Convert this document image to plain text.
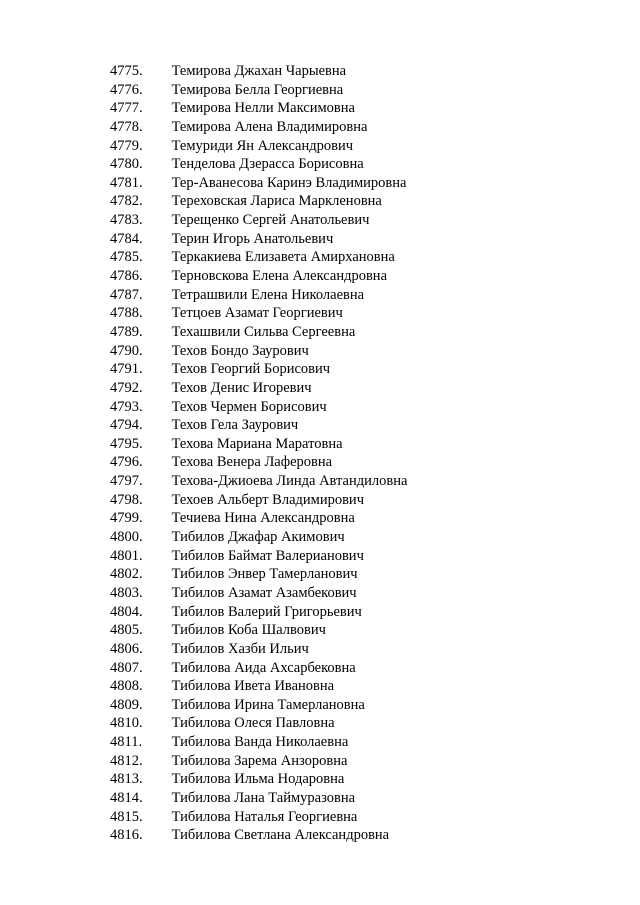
4775. Темирова Джахан Чарыевна
4776. Темирова Белла Георгиевна
4777. Темирова Нелли Максимовна
4778. Темирова Алена Владимировна
4779. Темуриди Ян Александрович
4780. Тенделова Дзерасса Борисовна
4781. Тер-Аванесова Каринэ Владимировна
4782. Тереховская Лариса Маркленовна
4783. Терещенко Сергей Анатольевич
4784. Терин Игорь Анатольевич
4785. Теркакиева Елизавета Амирхановна
4786. Терновскова Елена Александровна
4787. Тетрашвили Елена Николаевна
4788. Тетцоев Азамат Георгиевич
4789. Техашвили Сильва Сергеевна
4790. Техов Бондо Заурович
4791. Техов Георгий Борисович
4792. Техов Денис Игоревич
4793. Техов Чермен Борисович
4794. Техов Гела Заурович
4795. Техова Мариана Маратовна
4796. Техова Венера Лаферовна
4797. Техова-Джиоева Линда Автандиловна
4798. Техоев Альберт Владимирович
4799. Течиева Нина Александровна
4800. Тибилов Джафар Акимович
4801. Тибилов Баймат Валерианович
4802. Тибилов Энвер Тамерланович
4803. Тибилов Азамат Азамбекович
4804. Тибилов Валерий Григорьевич
4805. Тибилов Коба Шалвович
4806. Тибилов Хазби Ильич
4807. Тибилова Аида Ахсарбековна
4808. Тибилова Ивета Ивановна
4809. Тибилова Ирина Тамерлановна
4810. Тибилова Олеся Павловна
4811. Тибилова Ванда Николаевна
4812. Тибилова Зарема Анзоровна
4813. Тибилова Ильма Нодаровна
4814. Тибилова Лана Таймуразовна
4815. Тибилова Наталья Георгиевна
4816. Тибилова Светлана Александровна
